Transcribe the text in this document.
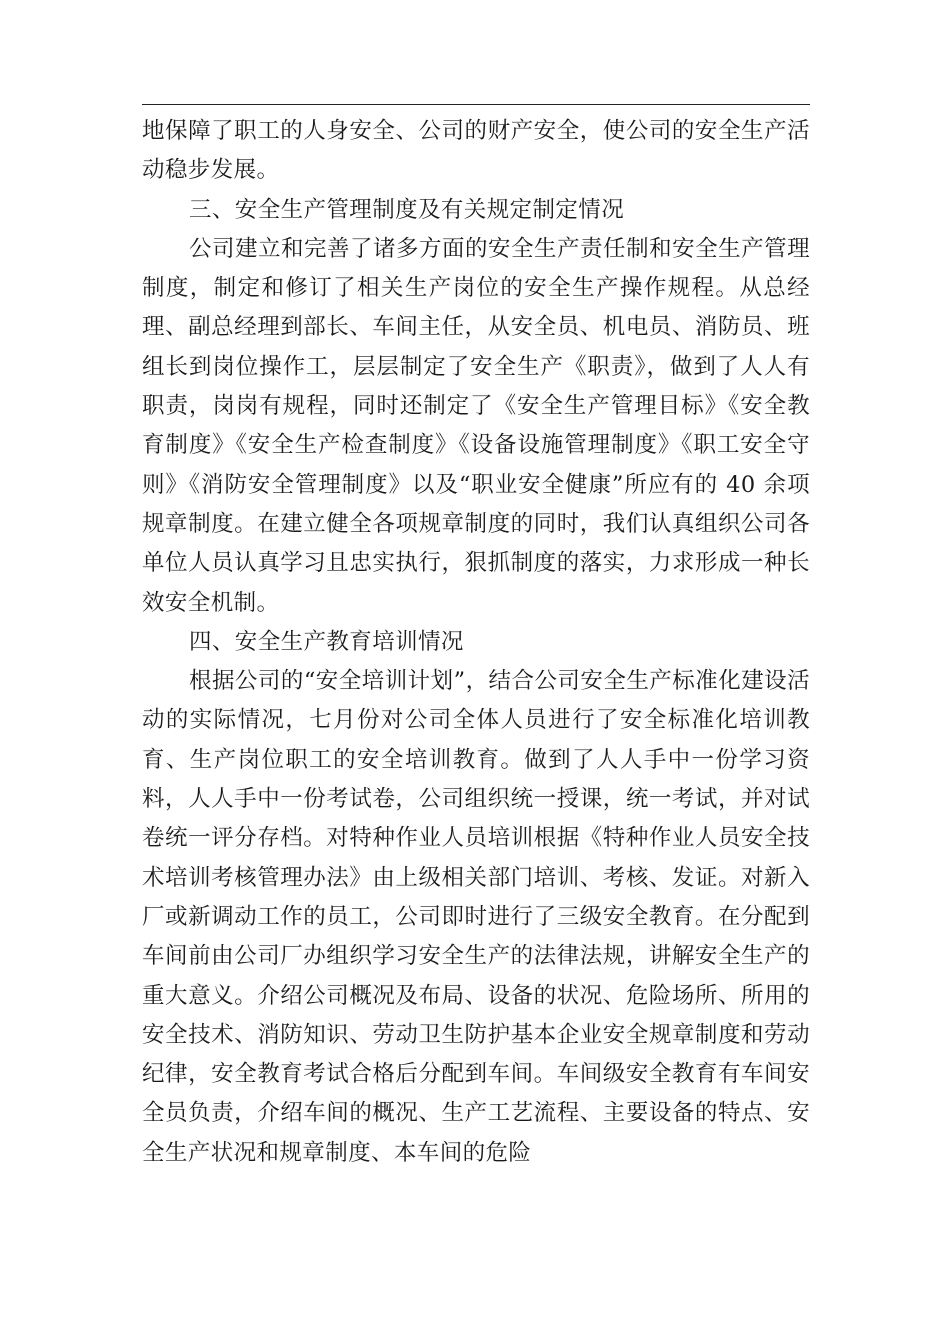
地保障了职工的人身安全、公司的财产安全，使公司的安全生产活动稳步发展。

三、安全生产管理制度及有关规定制定情况

公司建立和完善了诸多方面的安全生产责任制和安全生产管理制度，制定和修订了相关生产岗位的安全生产操作规程。从总经理、副总经理到部长、车间主任，从安全员、机电员、消防员、班组长到岗位操作工，层层制定了安全生产《职责》，做到了人人有职责，岗岗有规程，同时还制定了《安全生产管理目标》《安全教育制度》《安全生产检查制度》《设备设施管理制度》《职工安全守则》《消防安全管理制度》以及“职业安全健康”所应有的 40 余项规章制度。在建立健全各项规章制度的同时，我们认真组织公司各单位人员认真学习且忠实执行，狠抓制度的落实，力求形成一种长效安全机制。

四、安全生产教育培训情况

根据公司的“安全培训计划”，结合公司安全生产标准化建设活动的实际情况，七月份对公司全体人员进行了安全标准化培训教育、生产岗位职工的安全培训教育。做到了人人手中一份学习资料，人人手中一份考试卷，公司组织统一授课，统一考试，并对试卷统一评分存档。对特种作业人员培训根据《特种作业人员安全技术培训考核管理办法》由上级相关部门培训、考核、发证。对新入厂或新调动工作的员工，公司即时进行了三级安全教育。在分配到车间前由公司厂办组织学习安全生产的法律法规，讲解安全生产的重大意义。介绍公司概况及布局、设备的状况、危险场所、所用的安全技术、消防知识、劳动卫生防护基本企业安全规章制度和劳动纪律，安全教育考试合格后分配到车间。车间级安全教育有车间安全员负责，介绍车间的概况、生产工艺流程、主要设备的特点、安全生产状况和规章制度、本车间的危险
